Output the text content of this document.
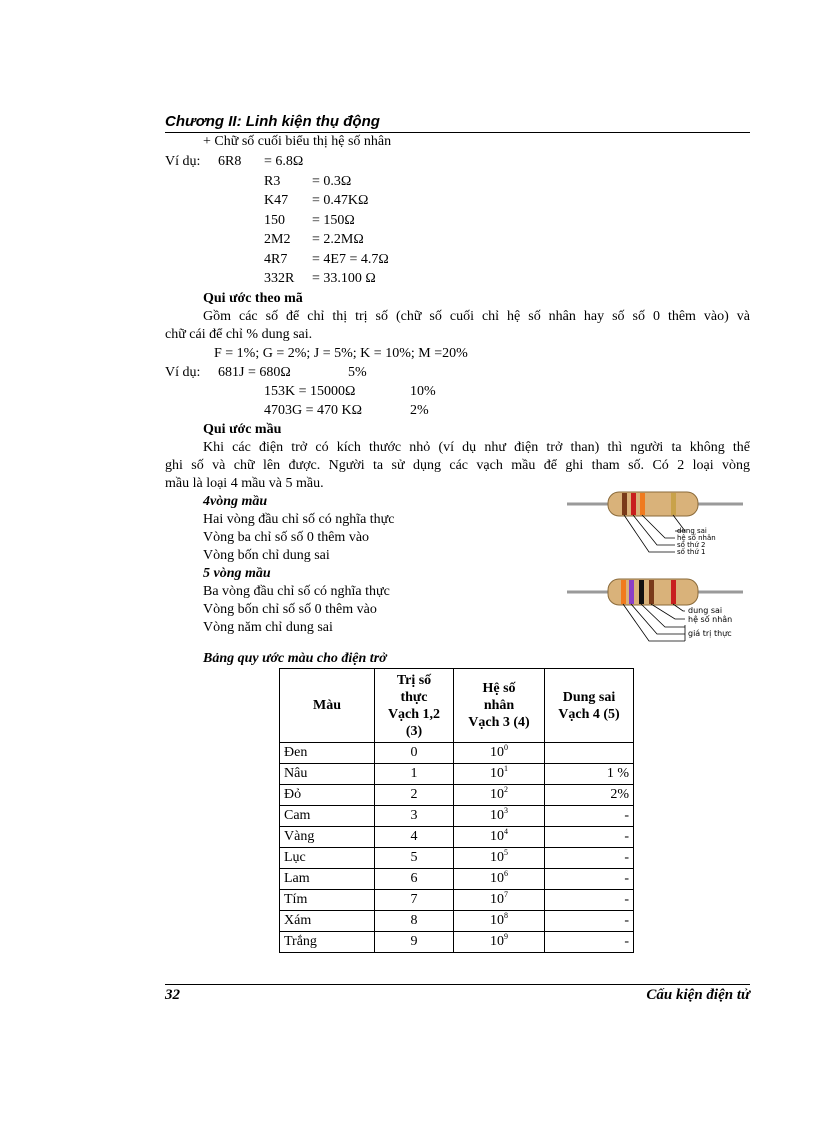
Chương II: Linh kiện thụ động
+ Chữ số cuối biểu thị hệ số nhân
Ví dụ: 6R8 = 6.8Ω
R3 = 0.3Ω
K47 = 0.47KΩ
150 = 150Ω
2M2 = 2.2MΩ
4R7 = 4E7 = 4.7Ω
332R = 33.100 Ω
Qui ước theo mã
Gồm các số để chỉ thị trị số (chữ số cuối chỉ hệ số nhân hay số số 0 thêm vào) và
chữ cái để chỉ % dung sai.
F = 1%; G = 2%; J = 5%; K = 10%; M =20%
Ví dụ: 681J = 680Ω	5%
153K = 15000Ω	10%
4703G = 470 KΩ	2%
Qui ước mầu
Khi các điện trở có kích thước nhỏ (ví dụ như điện trở than) thì người ta không thể
ghi số và chữ lên được. Người ta sử dụng các vạch mầu để ghi tham số. Có 2 loại vòng
mầu là loại 4 mầu và 5 mầu.
4vòng mầu
Hai vòng đầu chỉ số có nghĩa thực
Vòng ba chỉ số số 0 thêm vào
Vòng bốn chỉ dung sai
5 vòng mầu
Ba vòng đầu chỉ số có nghĩa thực
Vòng bốn chỉ số số 0 thêm vào
Vòng năm chỉ dung sai
dung sai
hệ số nhân
số thứ 2
số thứ 1
dung sai
hệ số nhân
giá trị thực
Bảng quy ước màu cho điện trở
Màu	Trị số
thực
Vạch 1,2
(3)	Hệ số
nhân
Vạch 3 (4)	Dung sai
Vạch 4 (5)
Đen	0	$10^0$	
Nâu	1	$10^1$	1 %
Đỏ	2	$10^2$	2%
Cam	3	$10^3$	-
Vàng	4	$10^4$	-
Lục	5	$10^5$	-
Lam	6	$10^6$	-
Tím	7	$10^7$	-
Xám	8	$10^8$	-
Trắng	9	$10^9$	-
32	Cấu kiện điện tử
